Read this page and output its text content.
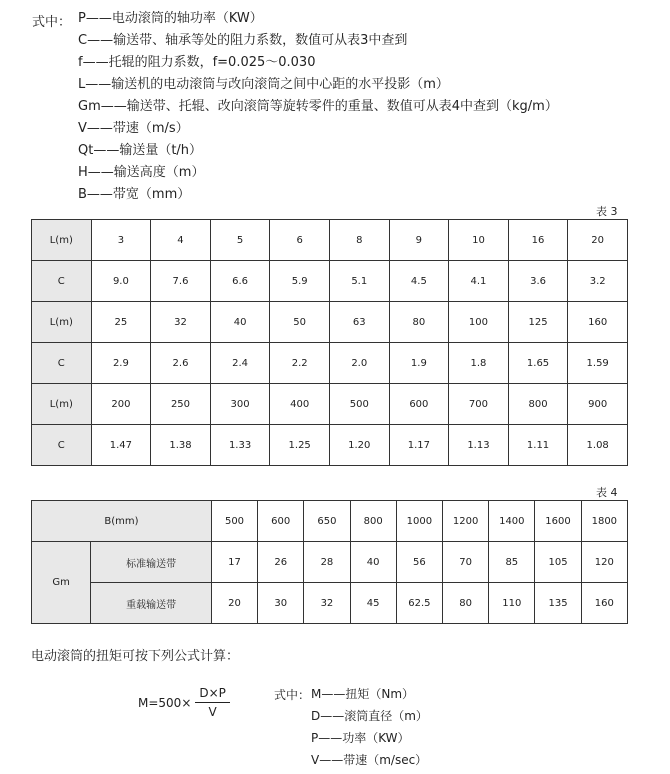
式中： P——电动滚筒的轴功率（KW）
C——输送带、轴承等处的阻力系数，数值可从表3中查到
f——托辊的阻力系数，f=0.025～0.030
L——输送机的电动滚筒与改向滚筒之间中心距的水平投影（m）
Gm——输送带、托辊、改向滚筒等旋转零件的重量、数值可从表4中查到（kg/m）
V——带速（m/s）
Qt——输送量（t/h）
H——输送高度（m）
B——带宽（mm）
表 3
L(m)	3	4	5	6	8	9	10	16	20
C	9.0	7.6	6.6	5.9	5.1	4.5	4.1	3.6	3.2
L(m)	25	32	40	50	63	80	100	125	160
C	2.9	2.6	2.4	2.2	2.0	1.9	1.8	1.65	1.59
L(m)	200	250	300	400	500	600	700	800	900
C	1.47	1.38	1.33	1.25	1.20	1.17	1.13	1.11	1.08
表 4
B(mm)		500	600	650	800	1000	1200	1400	1600	1800
Gm	标准输送带	17	26	28	40	56	70	85	105	120
	重载输送带	20	30	32	45	62.5	80	110	135	160
电动滚筒的扭矩可按下列公式计算：
$M=500\times \frac{D\times P}{V}$	式中： M——扭矩（Nm）
D——滚筒直径（m）
P——功率（KW）
V——带速（m/sec）
